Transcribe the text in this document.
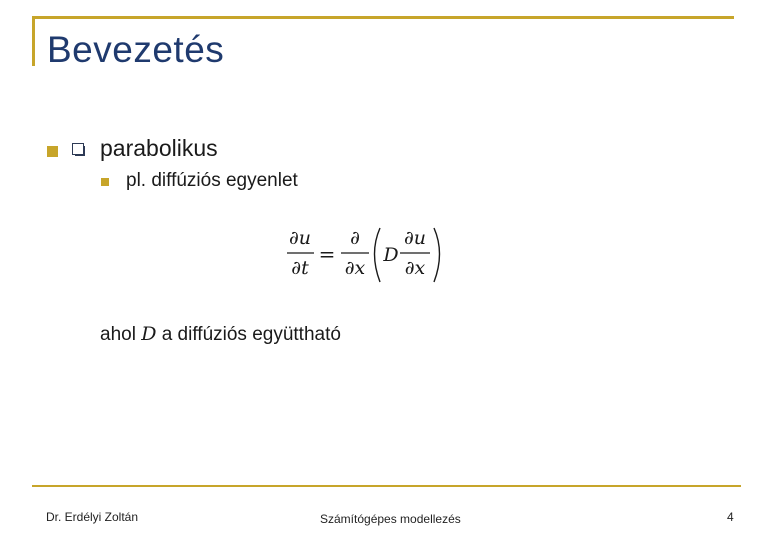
Bevezetés
parabolikus
pl. diffúziós egyenlet
∂u
∂t
∂
∂x
D
∂u
∂x
=
ahol D a diffúziós együttható
Dr. Erdélyi Zoltán	Számítógépes modellezés	4
